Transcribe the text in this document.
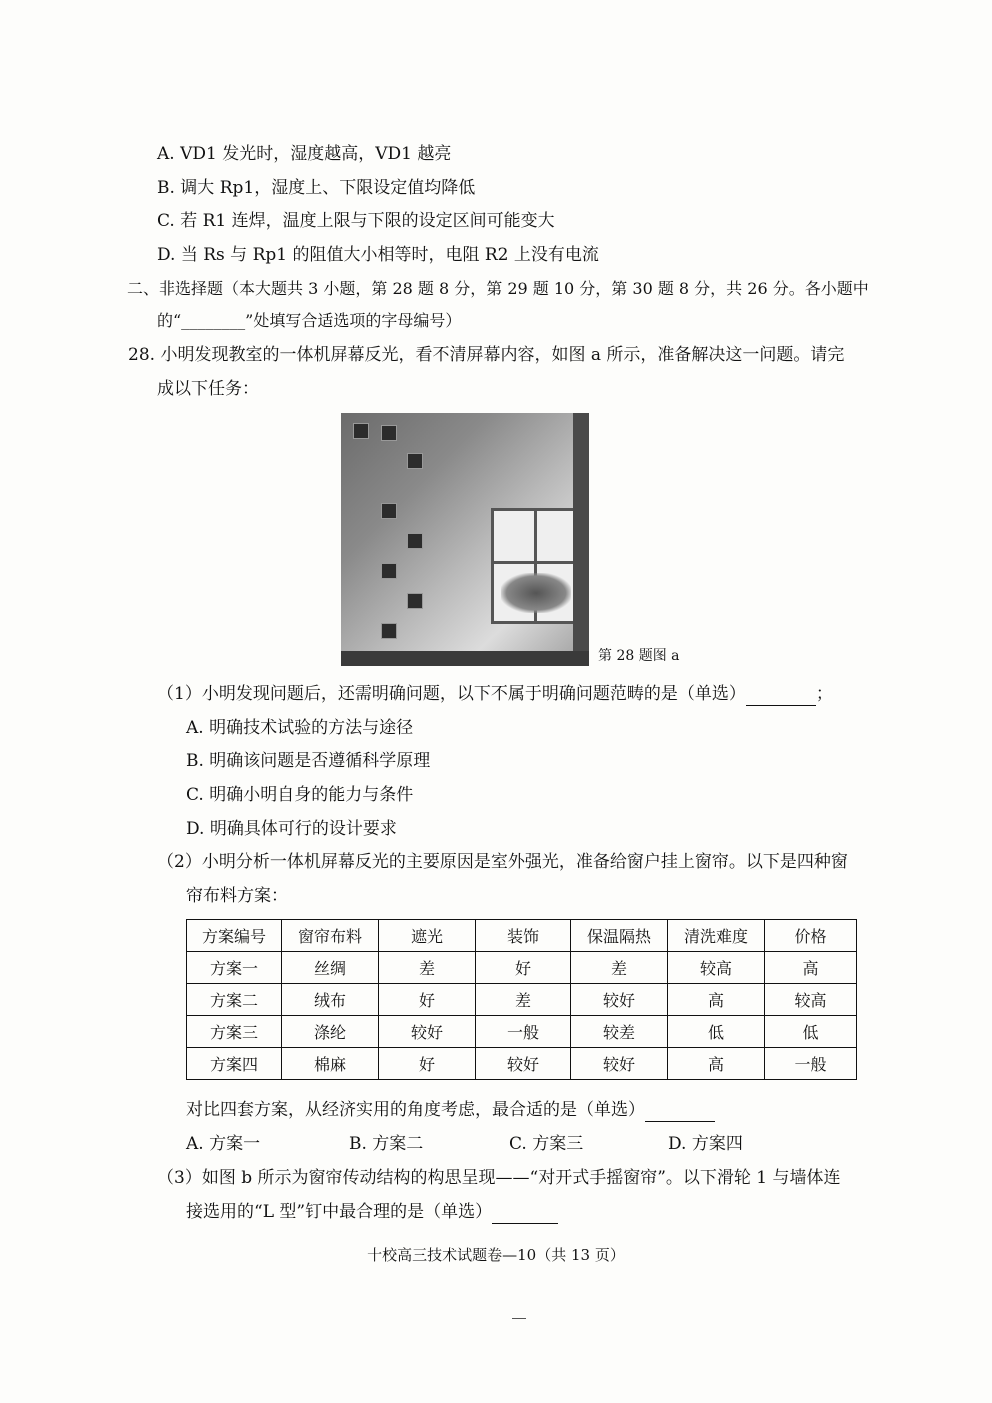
A. VD1 发光时，湿度越高，VD1 越亮
B. 调大 Rp1，湿度上、下限设定值均降低
C. 若 R1 连焊，温度上限与下限的设定区间可能变大
D. 当 Rs 与 Rp1 的阻值大小相等时，电阻 R2 上没有电流
二、非选择题（本大题共 3 小题，第 28 题 8 分，第 29 题 10 分，第 30 题 8 分，共 26 分。各小题中
的“________”处填写合适选项的字母编号）
28. 小明发现教室的一体机屏幕反光，看不清屏幕内容，如图 a 所示，准备解决这一问题。请完
成以下任务：
第 28 题图 a
（1）小明发现问题后，还需明确问题，以下不属于明确问题范畴的是（单选）	；
A. 明确技术试验的方法与途径
B. 明确该问题是否遵循科学原理
C. 明确小明自身的能力与条件
D. 明确具体可行的设计要求
（2）小明分析一体机屏幕反光的主要原因是室外强光，准备给窗户挂上窗帘。以下是四种窗
帘布料方案：
方案编号	窗帘布料	遮光	装饰	保温隔热	清洗难度	价格
方案一	丝绸	差	好	差	较高	高
方案二	绒布	好	差	较好	高	较高
方案三	涤纶	较好	一般	较差	低	低
方案四	棉麻	好	较好	较好	高	一般
对比四套方案，从经济实用的角度考虑，最合适的是（单选）
A. 方案一	B. 方案二	C. 方案三	D. 方案四
（3）如图 b 所示为窗帘传动结构的构思呈现——“对开式手摇窗帘”。以下滑轮 1 与墙体连
接选用的“L 型”钉中最合理的是（单选）
十校高三技术试题卷—10（共 13 页）
